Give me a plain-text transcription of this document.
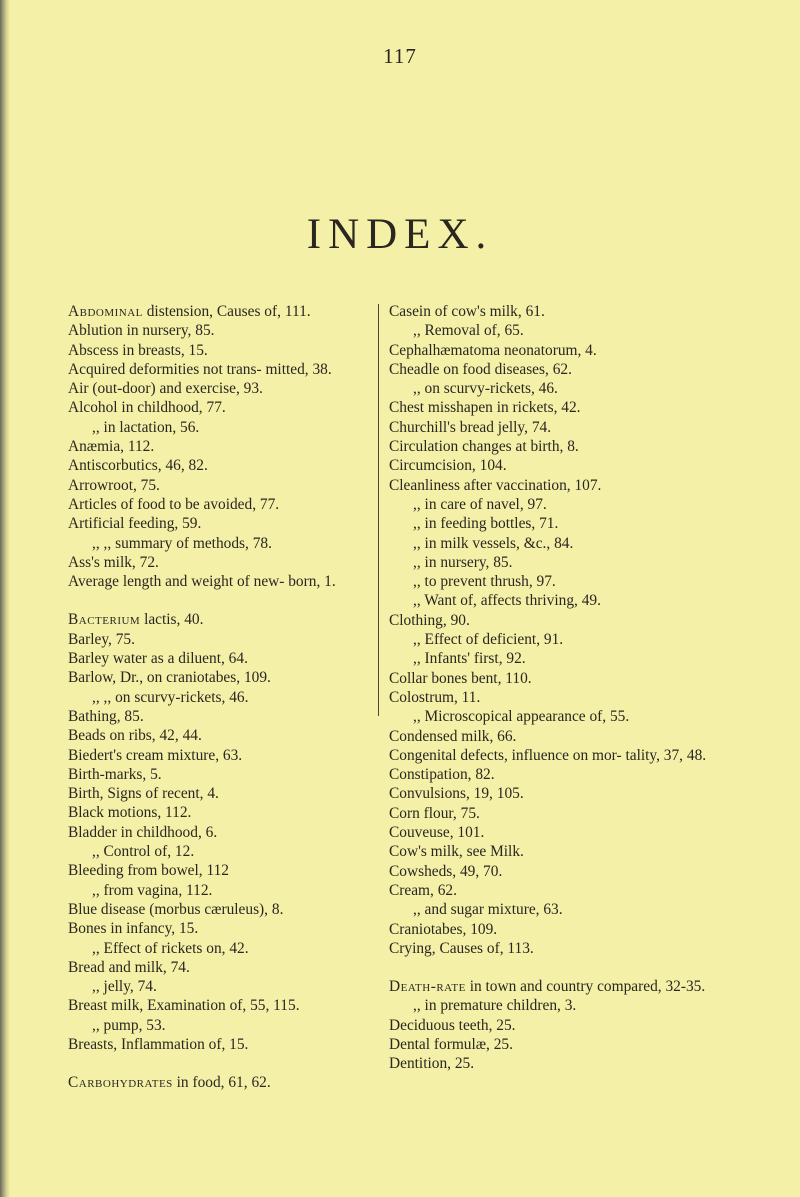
117
INDEX.
Abdominal distension, Causes of, 111.
Ablution in nursery, 85.
Abscess in breasts, 15.
Acquired deformities not trans- mitted, 38.
Air (out-door) and exercise, 93.
Alcohol in childhood, 77.
,, in lactation, 56.
Anæmia, 112.
Antiscorbutics, 46, 82.
Arrowroot, 75.
Articles of food to be avoided, 77.
Artificial feeding, 59.
,, ,, summary of methods, 78.
Ass's milk, 72.
Average length and weight of new- born, 1.
Bacterium lactis, 40.
Barley, 75.
Barley water as a diluent, 64.
Barlow, Dr., on craniotabes, 109.
,, ,, on scurvy-rickets, 46.
Bathing, 85.
Beads on ribs, 42, 44.
Biedert's cream mixture, 63.
Birth-marks, 5.
Birth, Signs of recent, 4.
Black motions, 112.
Bladder in childhood, 6.
,, Control of, 12.
Bleeding from bowel, 112
,, from vagina, 112.
Blue disease (morbus cæruleus), 8.
Bones in infancy, 15.
,, Effect of rickets on, 42.
Bread and milk, 74.
,, jelly, 74.
Breast milk, Examination of, 55, 115.
,, pump, 53.
Breasts, Inflammation of, 15.
Carbohydrates in food, 61, 62.
Casein of cow's milk, 61.
,, Removal of, 65.
Cephalhæmatoma neonatorum, 4.
Cheadle on food diseases, 62.
,, on scurvy-rickets, 46.
Chest misshapen in rickets, 42.
Churchill's bread jelly, 74.
Circulation changes at birth, 8.
Circumcision, 104.
Cleanliness after vaccination, 107.
,, in care of navel, 97.
,, in feeding bottles, 71.
,, in milk vessels, &c., 84.
,, in nursery, 85.
,, to prevent thrush, 97.
,, Want of, affects thriving, 49.
Clothing, 90.
,, Effect of deficient, 91.
,, Infants' first, 92.
Collar bones bent, 110.
Colostrum, 11.
,, Microscopical appearance of, 55.
Condensed milk, 66.
Congenital defects, influence on mor- tality, 37, 48.
Constipation, 82.
Convulsions, 19, 105.
Corn flour, 75.
Couveuse, 101.
Cow's milk, see Milk.
Cowsheds, 49, 70.
Cream, 62.
,, and sugar mixture, 63.
Craniotabes, 109.
Crying, Causes of, 113.
Death-rate in town and country compared, 32-35.
,, in premature children, 3.
Deciduous teeth, 25.
Dental formulæ, 25.
Dentition, 25.
